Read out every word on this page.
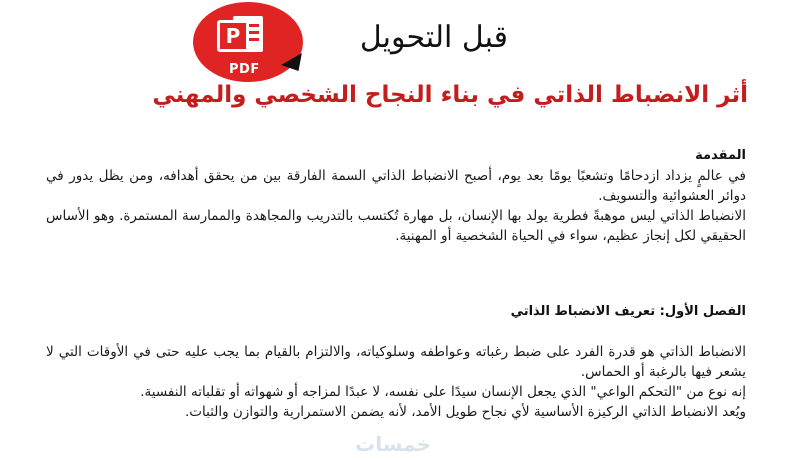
P
PDF
قبل التحويل
أثر الانضباط الذاتي في بناء النجاح الشخصي والمهني
المقدمة

في عالمٍ يزداد ازدحامًا وتشعبًا يومًا بعد يوم، أصبح الانضباط الذاتي السمة الفارقة بين من يحقق أهدافه، ومن يظل يدور في دوائر العشوائية والتسويف.

الانضباط الذاتي ليس موهبةً فطرية يولد بها الإنسان، بل مهارة تُكتسب بالتدريب والمجاهدة والممارسة المستمرة. وهو الأساس الحقيقي لكل إنجاز عظيم، سواء في الحياة الشخصية أو المهنية.

الفصل الأول: تعريف الانضباط الذاتي

الانضباط الذاتي هو قدرة الفرد على ضبط رغباته وعواطفه وسلوكياته، والالتزام بالقيام بما يجب عليه حتى في الأوقات التي لا يشعر فيها بالرغبة أو الحماس.

إنه نوع من "التحكم الواعي" الذي يجعل الإنسان سيدًا على نفسه، لا عبدًا لمزاجه أو شهواته أو تقلباته النفسية.

ويُعد الانضباط الذاتي الركيزة الأساسية لأي نجاح طويل الأمد، لأنه يضمن الاستمرارية والتوازن والثبات.

خمسات
